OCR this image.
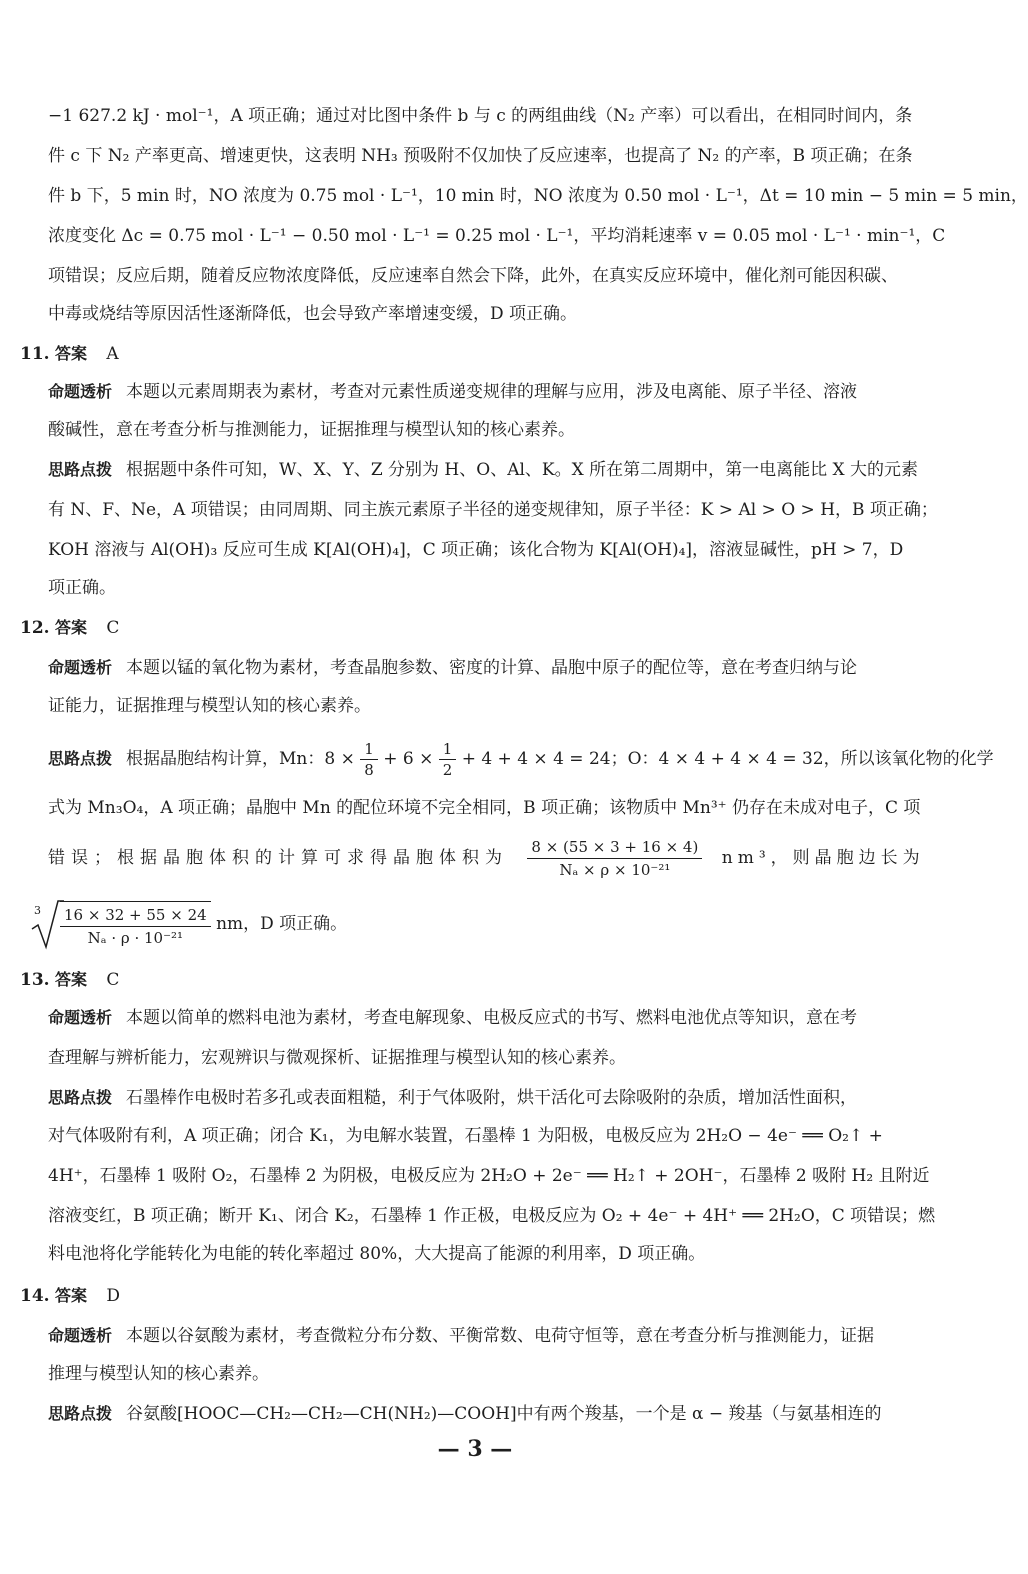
−1 627.2 kJ · mol⁻¹，A 项正确；通过对比图中条件 b 与 c 的两组曲线（N₂ 产率）可以看出，在相同时间内，条
件 c 下 N₂ 产率更高、增速更快，这表明 NH₃ 预吸附不仅加快了反应速率，也提高了 N₂ 的产率，B 项正确；在条
件 b 下，5 min 时，NO 浓度为 0.75 mol · L⁻¹，10 min 时，NO 浓度为 0.50 mol · L⁻¹，Δt = 10 min − 5 min = 5 min，
浓度变化 Δc = 0.75 mol · L⁻¹ − 0.50 mol · L⁻¹ = 0.25 mol · L⁻¹，平均消耗速率 v = 0.05 mol · L⁻¹ · min⁻¹，C
项错误；反应后期，随着反应物浓度降低，反应速率自然会下降，此外，在真实反应环境中，催化剂可能因积碳、
中毒或烧结等原因活性逐渐降低，也会导致产率增速变缓，D 项正确。
11. 答案 A
命题透析 本题以元素周期表为素材，考查对元素性质递变规律的理解与应用，涉及电离能、原子半径、溶液
酸碱性，意在考查分析与推测能力，证据推理与模型认知的核心素养。
思路点拨 根据题中条件可知，W、X、Y、Z 分别为 H、O、Al、K。X 所在第二周期中，第一电离能比 X 大的元素
有 N、F、Ne，A 项错误；由同周期、同主族元素原子半径的递变规律知，原子半径：K > Al > O > H，B 项正确；
KOH 溶液与 Al(OH)₃ 反应可生成 K[Al(OH)₄]，C 项正确；该化合物为 K[Al(OH)₄]，溶液显碱性，pH > 7，D
项正确。
12. 答案 C
命题透析 本题以锰的氧化物为素材，考查晶胞参数、密度的计算、晶胞中原子的配位等，意在考查归纳与论
证能力，证据推理与模型认知的核心素养。
思路点拨 根据晶胞结构计算，Mn：$8 \times \frac{1}{8} + 6 \times \frac{1}{2} + 4 + 4 \times 4 = 24$；O：4 × 4 + 4 × 4 = 32，所以该氧化物的化学
式为 Mn₃O₄，A 项正确；晶胞中 Mn 的配位环境不完全相同，B 项正确；该物质中 Mn³⁺ 仍存在未成对电子，C 项
错误；根据晶胞体积的计算可求得晶胞体积为 $\frac{8 \times (55 \times 3 + 16 \times 4)}{\text{Nₐ × ρ × 10⁻²¹}} nm^3$，则晶胞边长为
$3 \frac{16 \times 32 + 55 \times 24}{\text{Nₐ · ρ · 10⁻²¹}}$ nm，D 项正确。
13. 答案 C
命题透析 本题以简单的燃料电池为素材，考查电解现象、电极反应式的书写、燃料电池优点等知识，意在考
查理解与辨析能力，宏观辨识与微观探析、证据推理与模型认知的核心素养。
思路点拨 石墨棒作电极时若多孔或表面粗糙，利于气体吸附，烘干活化可去除吸附的杂质，增加活性面积，
对气体吸附有利，A 项正确；闭合 K₁，为电解水装置，石墨棒 1 为阳极，电极反应为 2H₂O − 4e⁻ ══ O₂↑ +
4H⁺，石墨棒 1 吸附 O₂，石墨棒 2 为阴极，电极反应为 2H₂O + 2e⁻ ══ H₂↑ + 2OH⁻，石墨棒 2 吸附 H₂ 且附近
溶液变红，B 项正确；断开 K₁、闭合 K₂，石墨棒 1 作正极，电极反应为 O₂ + 4e⁻ + 4H⁺ ══ 2H₂O，C 项错误；燃
料电池将化学能转化为电能的转化率超过 80%，大大提高了能源的利用率，D 项正确。
14. 答案 D
命题透析 本题以谷氨酸为素材，考查微粒分布分数、平衡常数、电荷守恒等，意在考查分析与推测能力，证据
推理与模型认知的核心素养。
思路点拨 谷氨酸[HOOC—CH₂—CH₂—CH(NH₂)—COOH]中有两个羧基，一个是 α − 羧基（与氨基相连的
— 3 —
